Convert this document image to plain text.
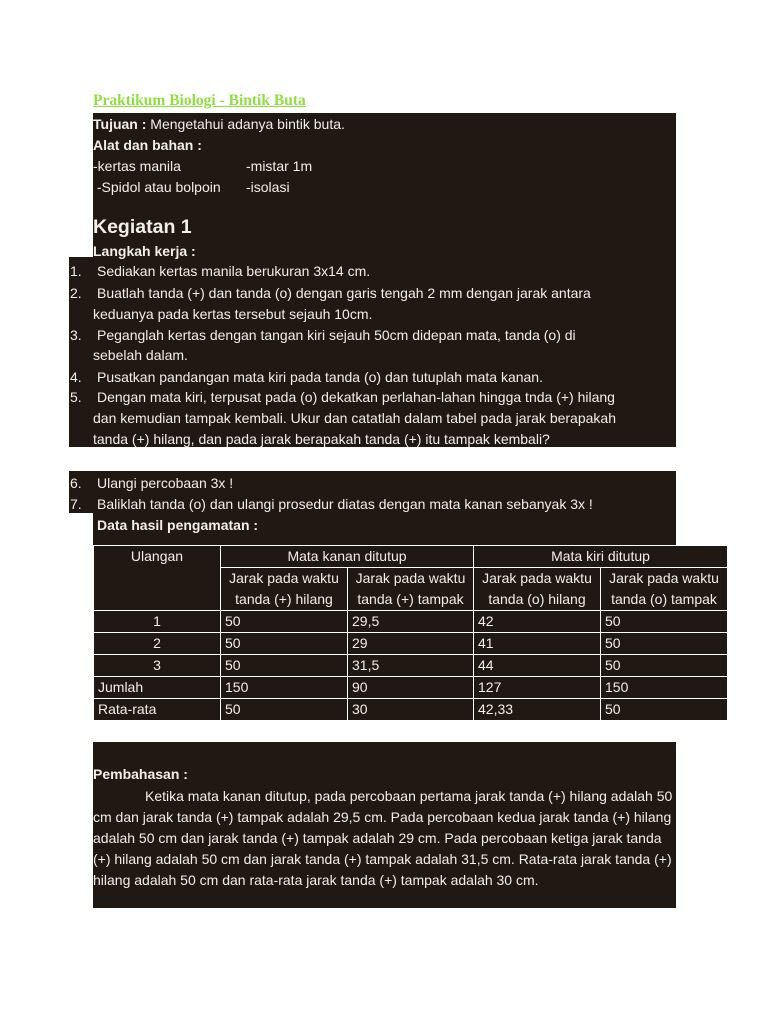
Praktikum Biologi - Bintik Buta
Tujuan : Mengetahui adanya bintik buta.
Alat dan bahan :
-kertas manila	-mistar 1m
-Spidol atau bolpoin -isolasi
Kegiatan 1
Langkah kerja :
1. Sediakan kertas manila berukuran 3x14 cm.
2. Buatlah tanda (+) dan tanda (o) dengan garis tengah 2 mm dengan jarak antara
keduanya pada kertas tersebut sejauh 10cm.
3. Peganglah kertas dengan tangan kiri sejauh 50cm didepan mata, tanda (o) di
sebelah dalam.
4. Pusatkan pandangan mata kiri pada tanda (o) dan tutuplah mata kanan.
5. Dengan mata kiri, terpusat pada (o) dekatkan perlahan-lahan hingga tnda (+) hilang
dan kemudian tampak kembali. Ukur dan catatlah dalam tabel pada jarak berapakah
tanda (+) hilang, dan pada jarak berapakah tanda (+) itu tampak kembali?
6. Ulangi percobaan 3x !
7. Baliklah tanda (o) dan ulangi prosedur diatas dengan mata kanan sebanyak 3x !
Data hasil pengamatan :
Ulangan	Mata kanan ditutup		Mata kiri ditutup	
	Jarak pada waktu tanda (+) hilang	Jarak pada waktu tanda (+) tampak	Jarak pada waktu tanda (o) hilang	Jarak pada waktu tanda (o) tampak
1	50	29,5	42	50
2	50	29	41	50
3	50	31,5	44	50
Jumlah	150	90	127	150
Rata-rata	50	30	42,33	50
Pembahasan :
Ketika mata kanan ditutup, pada percobaan pertama jarak tanda (+) hilang adalah 50 cm dan jarak tanda (+) tampak adalah 29,5 cm. Pada percobaan kedua jarak tanda (+) hilang adalah 50 cm dan jarak tanda (+) tampak adalah 29 cm. Pada percobaan ketiga jarak tanda (+) hilang adalah 50 cm dan jarak tanda (+) tampak adalah 31,5 cm. Rata-rata jarak tanda (+) hilang adalah 50 cm dan rata-rata jarak tanda (+) tampak adalah 30 cm.
